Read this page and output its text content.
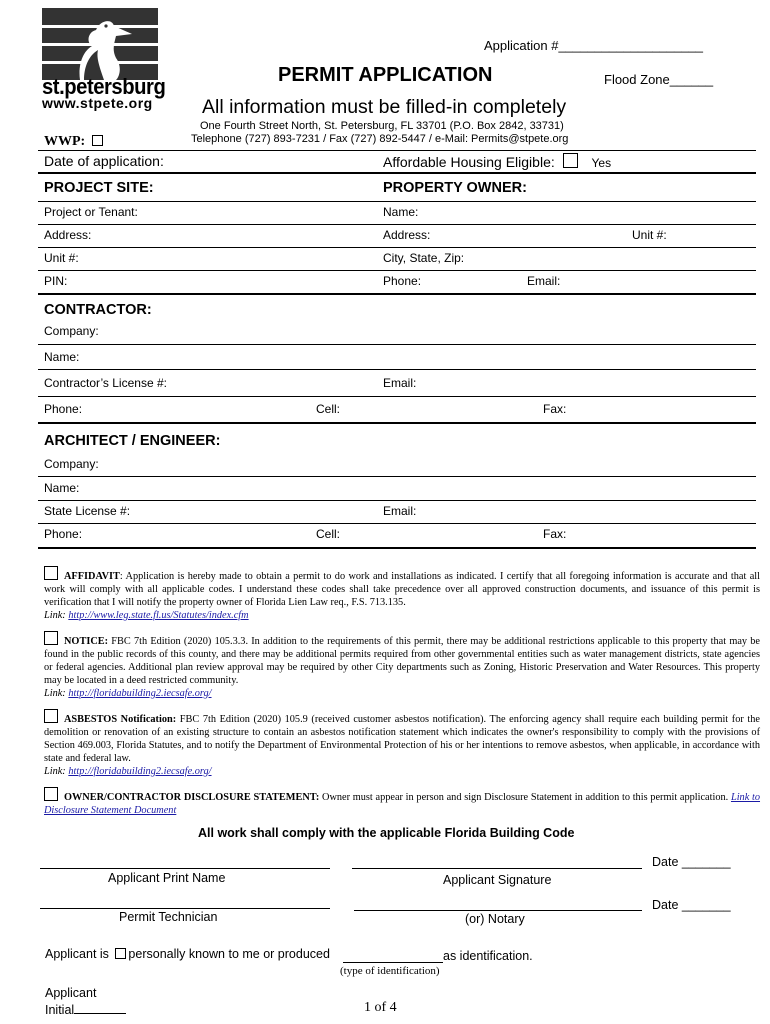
st.petersburg
www.stpete.org
Application #____________________
PERMIT APPLICATION	Flood Zone______
All information must be filled-in completely
One Fourth Street North, St. Petersburg, FL 33701 (P.O. Box 2842, 33731)
Telephone (727) 893-7231 / Fax (727) 892-5447 / e-Mail: Permits@stpete.org
WWP:
Date of application:	Affordable Housing Eligible:	Yes
PROJECT SITE:	PROPERTY OWNER:
Project or Tenant:	Name:
Address:	Address:	Unit #:
Unit #:	City, State, Zip:
PIN:	Phone:	Email:
CONTRACTOR:
Company:
Name:
Contractor’s License #:	Email:
Phone:	Cell:	Fax:
ARCHITECT / ENGINEER:
Company:
Name:
State License #:	Email:
Phone:	Cell:	Fax:
AFFIDAVIT: Application is hereby made to obtain a permit to do work and installations as indicated. I certify that all foregoing information is accurate and that all work will comply with all applicable codes. I understand these codes shall take precedence over all approved construction documents, and issuance of this permit is verification that I will notify the property owner of Florida Lien Law req., F.S. 713.135.
Link: http://www.leg.state.fl.us/Statutes/index.cfm
NOTICE: FBC 7th Edition (2020) 105.3.3. In addition to the requirements of this permit, there may be additional restrictions applicable to this property that may be found in the public records of this county, and there may be additional permits required from other governmental entities such as water management districts, state agencies or federal agencies. Additional plan review approval may be required by other City departments such as Zoning, Historic Preservation and Water Resources. This property may be located in a deed restricted community.
Link: http://floridabuilding2.iecsafe.org/
ASBESTOS Notification: FBC 7th Edition (2020) 105.9 (received customer asbestos notification). The enforcing agency shall require each building permit for the demolition or renovation of an existing structure to contain an asbestos notification statement which indicates the owner's responsibility to comply with the provisions of Section 469.003, Florida Statutes, and to notify the Department of Environmental Protection of his or her intentions to remove asbestos, when applicable, in accordance with state and federal law.
Link: http://floridabuilding2.iecsafe.org/
OWNER/CONTRACTOR DISCLOSURE STATEMENT: Owner must appear in person and sign Disclosure Statement in addition to this permit application. Link to Disclosure Statement Document
All work shall comply with the applicable Florida Building Code
Date _______
Applicant Print Name	Applicant Signature
Date _______
Permit Technician	(or) Notary
Applicant is personally known to me or produced	as identification.
(type of identification)
Applicant
Initial	1 of 4
